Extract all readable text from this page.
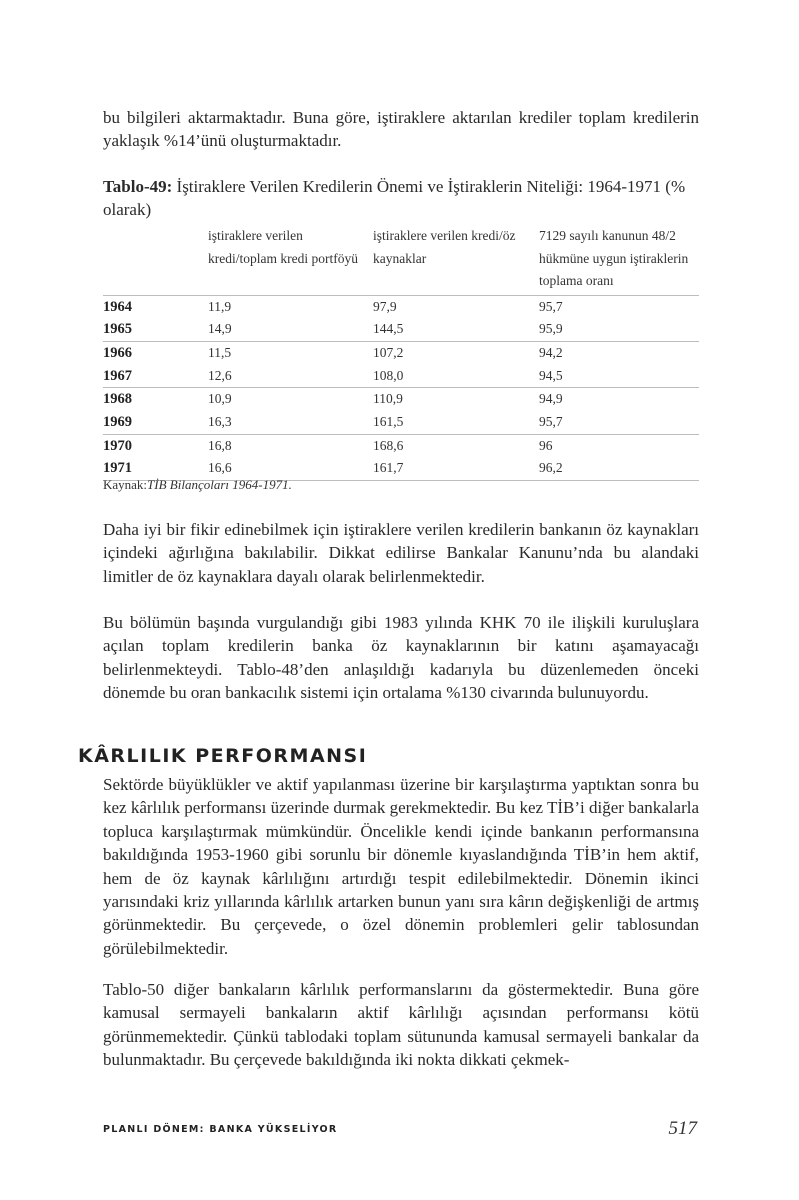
bu bilgileri aktarmaktadır. Buna göre, iştiraklere aktarılan krediler toplam kredilerin yaklaşık %14’ünü oluşturmaktadır.

Tablo-49: İştiraklere Verilen Kredilerin Önemi ve İştiraklerin Niteliği: 1964-1971 (% olarak)
	iştiraklere verilen kredi/toplam kredi portföyü	iştiraklere verilen kredi/öz kaynaklar	7129 sayılı kanunun 48/2 hükmüne uygun iştiraklerin toplama oranı
1964	11,9	97,9	95,7
1965	14,9	144,5	95,9
1966	11,5	107,2	94,2
1967	12,6	108,0	94,5
1968	10,9	110,9	94,9
1969	16,3	161,5	95,7
1970	16,8	168,6	96
1971	16,6	161,7	96,2
Kaynak:TİB Bilançoları 1964-1971.

Daha iyi bir fikir edinebilmek için iştiraklere verilen kredilerin bankanın öz kaynakları içindeki ağırlığına bakılabilir. Dikkat edilirse Bankalar Kanunu’nda bu alandaki limitler de öz kaynaklara dayalı olarak belirlenmektedir.

Bu bölümün başında vurgulandığı gibi 1983 yılında KHK 70 ile ilişkili kuruluşlara açılan toplam kredilerin banka öz kaynaklarının bir katını aşamayacağı belirlenmekteydi. Tablo-48’den anlaşıldığı kadarıyla bu düzenlemeden önceki dönemde bu oran bankacılık sistemi için ortalama %130 civarında bulunuyordu.

KÂRLILIK PERFORMANSI

Sektörde büyüklükler ve aktif yapılanması üzerine bir karşılaştırma yaptıktan sonra bu kez kârlılık performansı üzerinde durmak gerekmektedir. Bu kez TİB’i diğer bankalarla topluca karşılaştırmak mümkündür. Öncelikle kendi içinde bankanın performansına bakıldığında 1953-1960 gibi sorunlu bir dönemle kıyaslandığında TİB’in hem aktif, hem de öz kaynak kârlılığını artırdığı tespit edilebilmektedir. Dönemin ikinci yarısındaki kriz yıllarında kârlılık artarken bunun yanı sıra kârın değişkenliği de artmış görünmektedir. Bu çerçevede, o özel dönemin problemleri gelir tablosundan görülebilmektedir.

Tablo-50 diğer bankaların kârlılık performanslarını da göstermektedir. Buna göre kamusal sermayeli bankaların aktif kârlılığı açısından performansı kötü görünmemektedir. Çünkü tablodaki toplam sütununda kamusal sermayeli bankalar da bulunmaktadır. Bu çerçevede bakıldığında iki nokta dikkati çekmek-

PLANLI DÖNEM: BANKA YÜKSELİYOR	517
